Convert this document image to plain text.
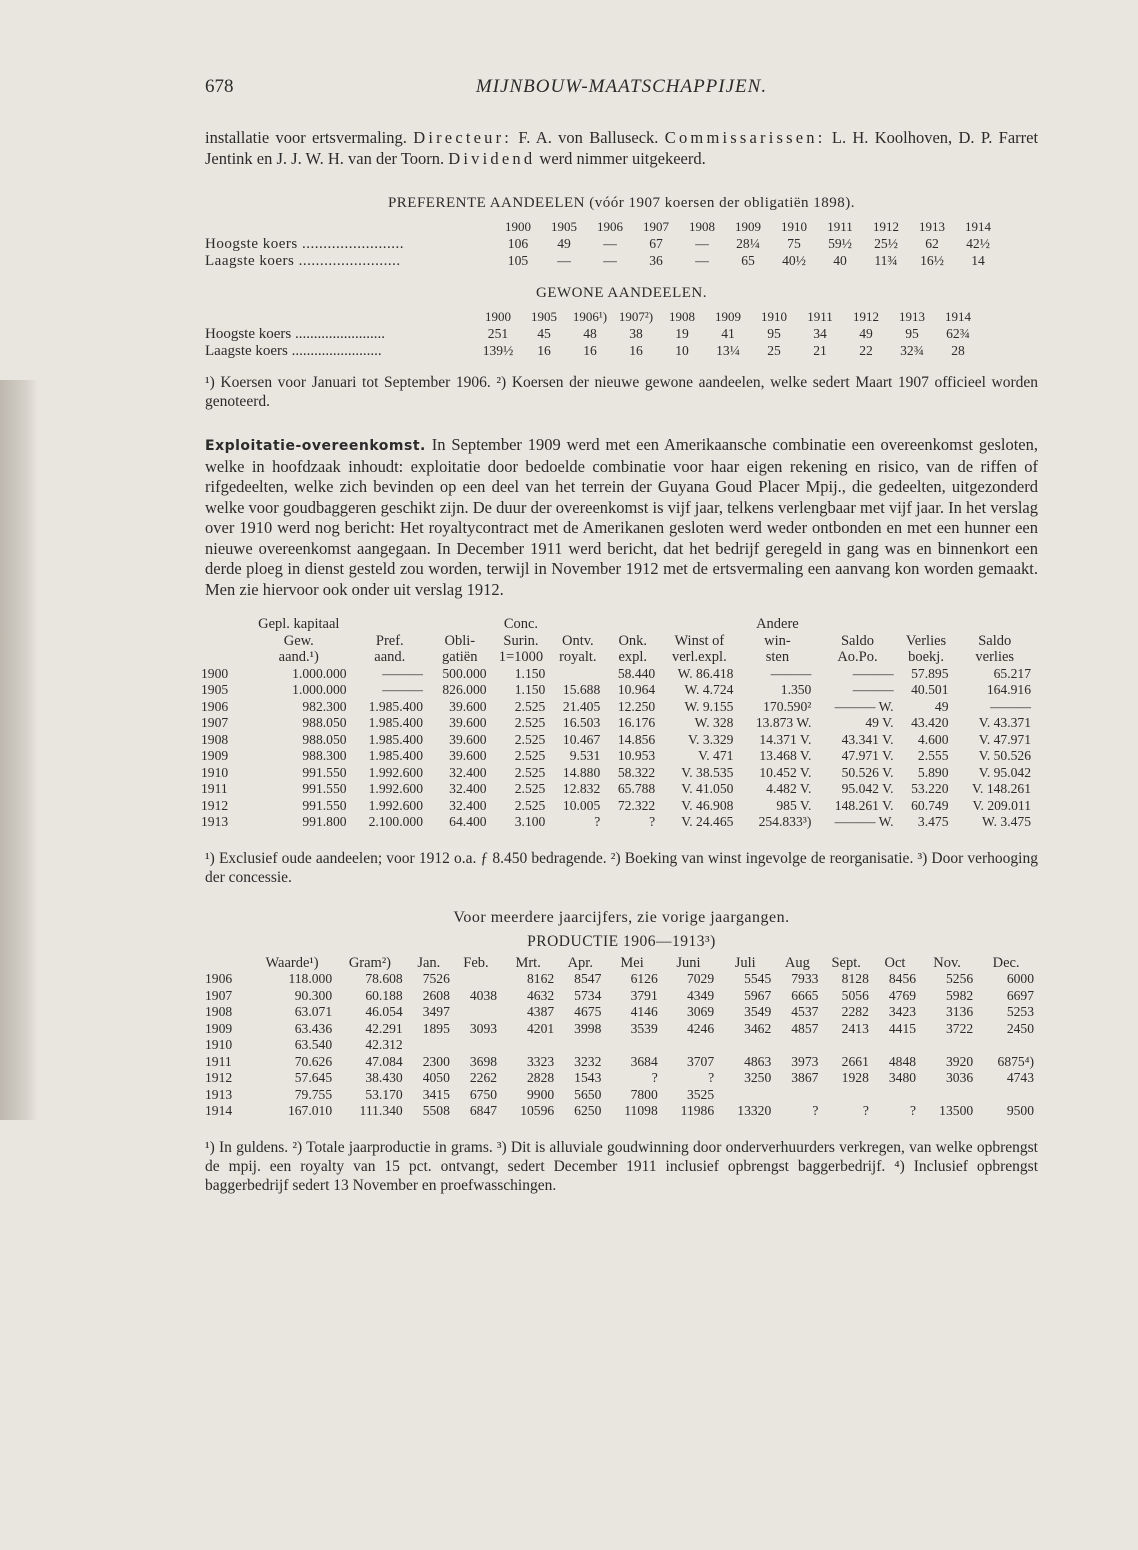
678	MIJNBOUW-MAATSCHAPPIJEN.

installatie voor ertsvermaling. Directeur: F. A. von Balluseck. Commissarissen: L. H. Koolhoven, D. P. Farret Jentink en J. J. W. H. van der Toorn. Dividend werd nimmer uitgekeerd.

PREFERENTE AANDEELEN (vóór 1907 koersen der obligatiën 1898).
	1900	1905	1906	1907	1908	1909	1910	1911	1912	1913	1914
Hoogste koers ........................	106	49	—	67	—	28¼	75	59½	25½	62	42½
Laagste koers ........................	105	—	—	36	—	65	40½	40	11¾	16½	14
GEWONE AANDEELEN.
	1900	1905	1906¹)	1907²)	1908	1909	1910	1911	1912	1913	1914
Hoogste koers ........................	251	45	48	38	19	41	95	34	49	95	62¾
Laagste koers ........................	139½	16	16	16	10	13¼	25	21	22	32¾	28

¹) Koersen voor Januari tot September 1906. ²) Koersen der nieuwe gewone aandeelen, welke sedert Maart 1907 officieel worden genoteerd.

Exploitatie-overeenkomst. In September 1909 werd met een Amerikaansche combinatie een overeenkomst gesloten, welke in hoofdzaak inhoudt: exploitatie door bedoelde combinatie voor haar eigen rekening en risico, van de riffen of rifgedeelten, welke zich bevinden op een deel van het terrein der Guyana Goud Placer Mpij., die gedeelten, uitgezonderd welke voor goudbaggeren geschikt zijn. De duur der overeenkomst is vijf jaar, telkens verlengbaar met vijf jaar. In het verslag over 1910 werd nog bericht: Het royaltycontract met de Amerikanen gesloten werd weder ontbonden en met een hunner een nieuwe overeenkomst aangegaan. In December 1911 werd bericht, dat het bedrijf geregeld in gang was en binnenkort een derde ploeg in dienst gesteld zou worden, terwijl in November 1912 met de ertsvermaling een aanvang kon worden gemaakt. Men zie hiervoor ook onder uit verslag 1912.

	Gepl. kapitaal			Conc.				Andere			
	Gew.	Pref.	Obli-	Surin.	Ontv.	Onk.	Winst of	win-	Saldo	Verlies	Saldo
	aand.¹)	aand.	gatiën	1=1000	royalt.	expl.	verl.expl.	sten	Ao.Po.	boekj.	verlies
1900	1.000.000	———	500.000	1.150		58.440	W. 86.418	———	———	57.895	65.217
1905	1.000.000	———	826.000	1.150	15.688	10.964	W. 4.724	1.350	———	40.501	164.916
1906	982.300	1.985.400	39.600	2.525	21.405	12.250	W. 9.155	170.590²	——— W.	49	———
1907	988.050	1.985.400	39.600	2.525	16.503	16.176	W. 328	13.873 W.	49 V.	43.420	V. 43.371
1908	988.050	1.985.400	39.600	2.525	10.467	14.856	V. 3.329	14.371 V.	43.341 V.	4.600	V. 47.971
1909	988.300	1.985.400	39.600	2.525	9.531	10.953	V. 471	13.468 V.	47.971 V.	2.555	V. 50.526
1910	991.550	1.992.600	32.400	2.525	14.880	58.322	V. 38.535	10.452 V.	50.526 V.	5.890	V. 95.042
1911	991.550	1.992.600	32.400	2.525	12.832	65.788	V. 41.050	4.482 V.	95.042 V.	53.220	V. 148.261
1912	991.550	1.992.600	32.400	2.525	10.005	72.322	V. 46.908	985 V.	148.261 V.	60.749	V. 209.011
1913	991.800	2.100.000	64.400	3.100	?	?	V. 24.465	254.833³)	——— W.	3.475	W. 3.475

¹) Exclusief oude aandeelen; voor 1912 o.a. ƒ 8.450 bedragende. ²) Boeking van winst ingevolge de reorganisatie. ³) Door verhooging der concessie.

Voor meerdere jaarcijfers, zie vorige jaargangen.
PRODUCTIE 1906—1913³)
	Waarde¹)	Gram²)	Jan.	Feb.	Mrt.	Apr.	Mei	Juni	Juli	Aug	Sept.	Oct	Nov.	Dec.
1906	118.000	78.608	7526		8162	8547	6126	7029	5545	7933	8128	8456	5256	6000
1907	90.300	60.188	2608	4038	4632	5734	3791	4349	5967	6665	5056	4769	5982	6697
1908	63.071	46.054	3497		4387	4675	4146	3069	3549	4537	2282	3423	3136	5253
1909	63.436	42.291	1895	3093	4201	3998	3539	4246	3462	4857	2413	4415	3722	2450
1910	63.540	42.312												
1911	70.626	47.084	2300	3698	3323	3232	3684	3707	4863	3973	2661	4848	3920	6875⁴)
1912	57.645	38.430	4050	2262	2828	1543	?	?	3250	3867	1928	3480	3036	4743
1913	79.755	53.170	3415	6750	9900	5650	7800	3525						
1914	167.010	111.340	5508	6847	10596	6250	11098	11986	13320	?	?	?	13500	9500

¹) In guldens. ²) Totale jaarproductie in grams. ³) Dit is alluviale goudwinning door onderverhuurders verkregen, van welke opbrengst de mpij. een royalty van 15 pct. ontvangt, sedert December 1911 inclusief opbrengst baggerbedrijf. ⁴) Inclusief opbrengst baggerbedrijf sedert 13 November en proefwasschingen.
